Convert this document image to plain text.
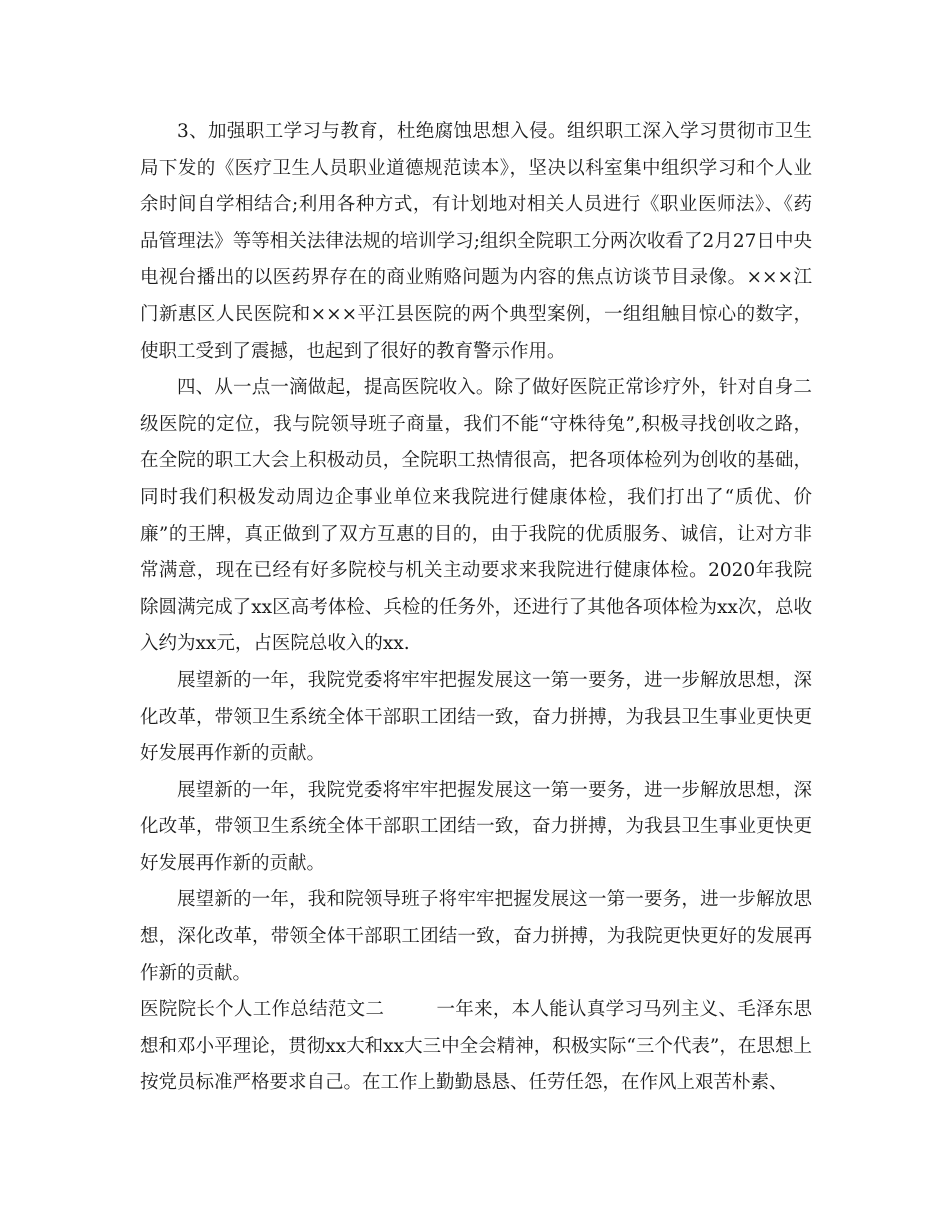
3、加强职工学习与教育，杜绝腐蚀思想入侵。组织职工深入学习贯彻市卫生局下发的《医疗卫生人员职业道德规范读本》，坚决以科室集中组织学习和个人业余时间自学相结合;利用各种方式，有计划地对相关人员进行《职业医师法》、《药品管理法》等等相关法律法规的培训学习;组织全院职工分两次收看了2月27日中央电视台播出的以医药界存在的商业贿赂问题为内容的焦点访谈节目录像。×××江门新惠区人民医院和×××平江县医院的两个典型案例，一组组触目惊心的数字，使职工受到了震撼，也起到了很好的教育警示作用。

四、从一点一滴做起，提高医院收入。除了做好医院正常诊疗外，针对自身二级医院的定位，我与院领导班子商量，我们不能“守株待兔”,积极寻找创收之路，在全院的职工大会上积极动员，全院职工热情很高，把各项体检列为创收的基础，同时我们积极发动周边企事业单位来我院进行健康体检，我们打出了“质优、价廉”的王牌，真正做到了双方互惠的目的，由于我院的优质服务、诚信，让对方非常满意，现在已经有好多院校与机关主动要求来我院进行健康体检。2020年我院除圆满完成了xx区高考体检、兵检的任务外，还进行了其他各项体检为xx次，总收入约为xx元，占医院总收入的xx.

展望新的一年，我院党委将牢牢把握发展这一第一要务，进一步解放思想，深化改革，带领卫生系统全体干部职工团结一致，奋力拼搏，为我县卫生事业更快更好发展再作新的贡献。

展望新的一年，我院党委将牢牢把握发展这一第一要务，进一步解放思想，深化改革，带领卫生系统全体干部职工团结一致，奋力拼搏，为我县卫生事业更快更好发展再作新的贡献。

展望新的一年，我和院领导班子将牢牢把握发展这一第一要务，进一步解放思想，深化改革，带领全体干部职工团结一致，奋力拼搏，为我院更快更好的发展再作新的贡献。

医院院长个人工作总结范文二	一年来，本人能认真学习马列主义、毛泽东思想和邓小平理论，贯彻xx大和xx大三中全会精神，积极实际“三个代表”，在思想上按党员标准严格要求自己。在工作上勤勤恳恳、任劳任怨，在作风上艰苦朴素、
